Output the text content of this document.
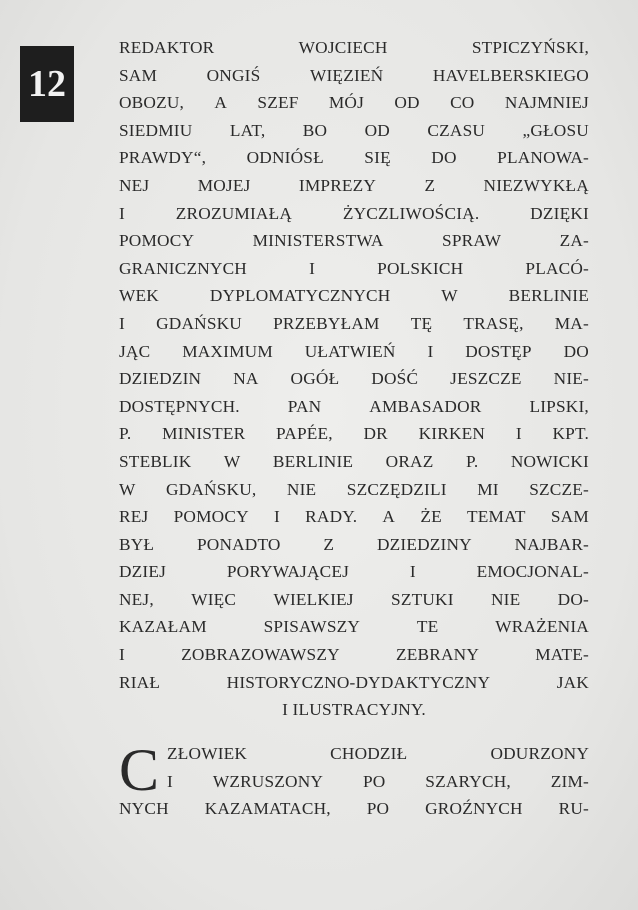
12
REDAKTOR	WOJCIECH	STPICZYŃSKI,
SAM	ONGIŚ	WIĘZIEŃ	HAVELBERSKIEGO
OBOZU, A SZEF MÓJ OD CO NAJMNIEJ
SIEDMIU LAT, BO OD CZASU „GŁOSU
PRAWDY“, ODNIÓSŁ SIĘ DO PLANOWA-
NEJ	MOJEJ	IMPREZY	Z	NIEZWYKŁĄ
I	ZROZUMIAŁĄ	ŻYCZLIWOŚCIĄ.	DZIĘKI
POMOCY	MINISTERSTWA	SPRAW	ZA-
GRANICZNYCH	I	POLSKICH	PLACÓ-
WEK	DYPLOMATYCZNYCH	W	BERLINIE
I GDAŃSKU PRZEBYŁAM TĘ TRASĘ, MA-
JĄC MAXIMUM UŁATWIEŃ I DOSTĘP DO
DZIEDZIN NA OGÓŁ DOŚĆ JESZCZE NIE-
DOSTĘPNYCH.	PAN	AMBASADOR	LIPSKI,
P. MINISTER PAPÉE, DR KIRKEN I KPT.
STEBLIK W BERLINIE ORAZ P. NOWICKI
W GDAŃSKU, NIE SZCZĘDZILI MI SZCZE-
REJ POMOCY I RADY. A ŻE TEMAT SAM
BYŁ PONADTO Z DZIEDZINY NAJBAR-
DZIEJ	PORYWAJĄCEJ	I	EMOCJONAL-
NEJ, WIĘC WIELKIEJ SZTUKI NIE DO-
KAZAŁAM	SPISAWSZY	TE	WRAŻENIA
I	ZOBRAZOWAWSZY	ZEBRANY	MATE-
RIAŁ	HISTORYCZNO-DYDAKTYCZNY	JAK
I ILUSTRACYJNY.
C ZŁOWIEK	CHODZIŁ	ODURZONY
I WZRUSZONY PO SZARYCH, ZIM-
NYCH KAZAMATACH, PO GROŹNYCH RU-
